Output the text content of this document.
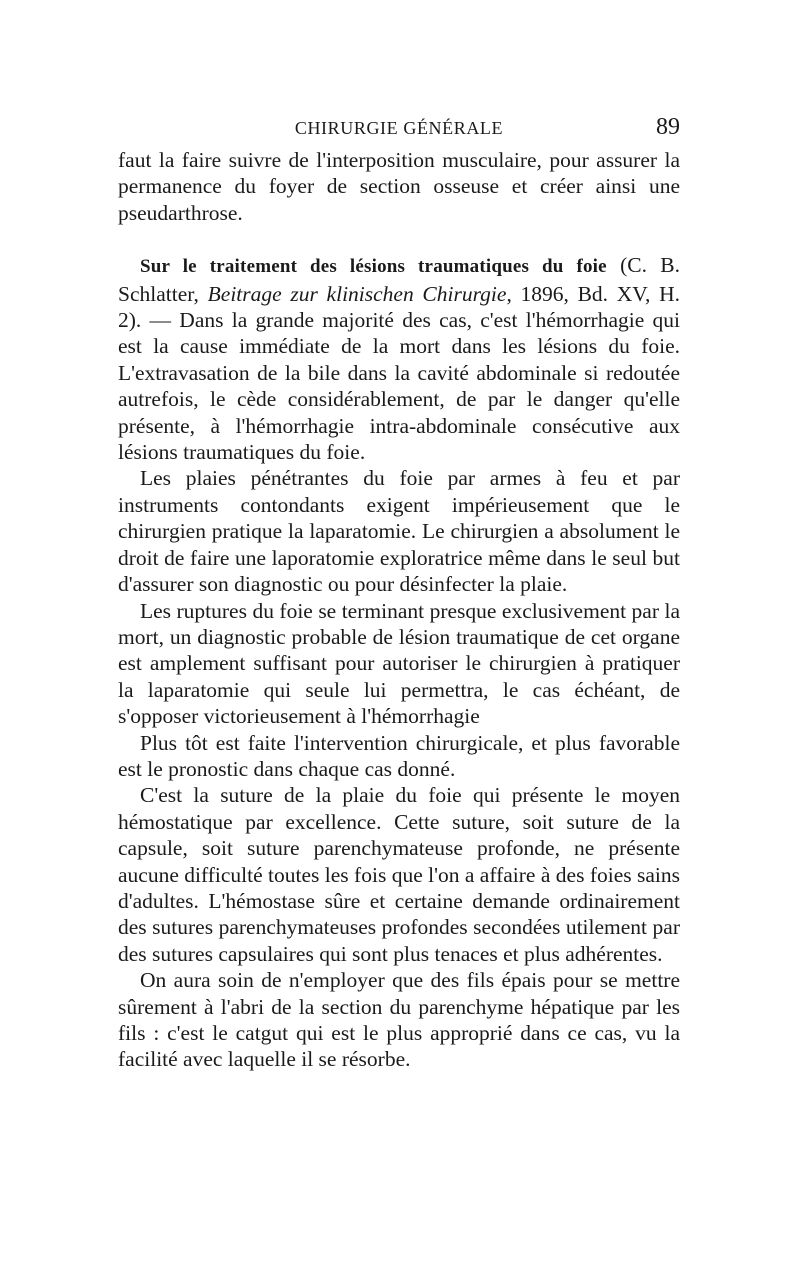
CHIRURGIE GÉNÉRALE	89

faut la faire suivre de l'interposition musculaire, pour assurer la permanence du foyer de section osseuse et créer ainsi une pseudarthrose.

Sur le traitement des lésions traumatiques du foie (C. B. Schlatter, Beitrage zur klinischen Chirurgie, 1896, Bd. XV, H. 2). — Dans la grande majorité des cas, c'est l'hémorrhagie qui est la cause immédiate de la mort dans les lésions du foie. L'extravasation de la bile dans la cavité abdominale si redoutée autrefois, le cède considérablement, de par le danger qu'elle présente, à l'hémorrhagie intra-abdominale consécutive aux lésions traumatiques du foie.

Les plaies pénétrantes du foie par armes à feu et par instruments contondants exigent impérieusement que le chirurgien pratique la laparatomie. Le chirurgien a absolument le droit de faire une laporatomie exploratrice même dans le seul but d'assurer son diagnostic ou pour désinfecter la plaie.

Les ruptures du foie se terminant presque exclusivement par la mort, un diagnostic probable de lésion traumatique de cet organe est amplement suffisant pour autoriser le chirurgien à pratiquer la laparatomie qui seule lui permettra, le cas échéant, de s'opposer victorieusement à l'hémorrhagie

Plus tôt est faite l'intervention chirurgicale, et plus favorable est le pronostic dans chaque cas donné.

C'est la suture de la plaie du foie qui présente le moyen hémostatique par excellence. Cette suture, soit suture de la capsule, soit suture parenchymateuse profonde, ne présente aucune difficulté toutes les fois que l'on a affaire à des foies sains d'adultes. L'hémostase sûre et certaine demande ordinairement des sutures parenchymateuses profondes secondées utilement par des sutures capsulaires qui sont plus tenaces et plus adhérentes.

On aura soin de n'employer que des fils épais pour se mettre sûrement à l'abri de la section du parenchyme hépatique par les fils : c'est le catgut qui est le plus approprié dans ce cas, vu la facilité avec laquelle il se résorbe.
